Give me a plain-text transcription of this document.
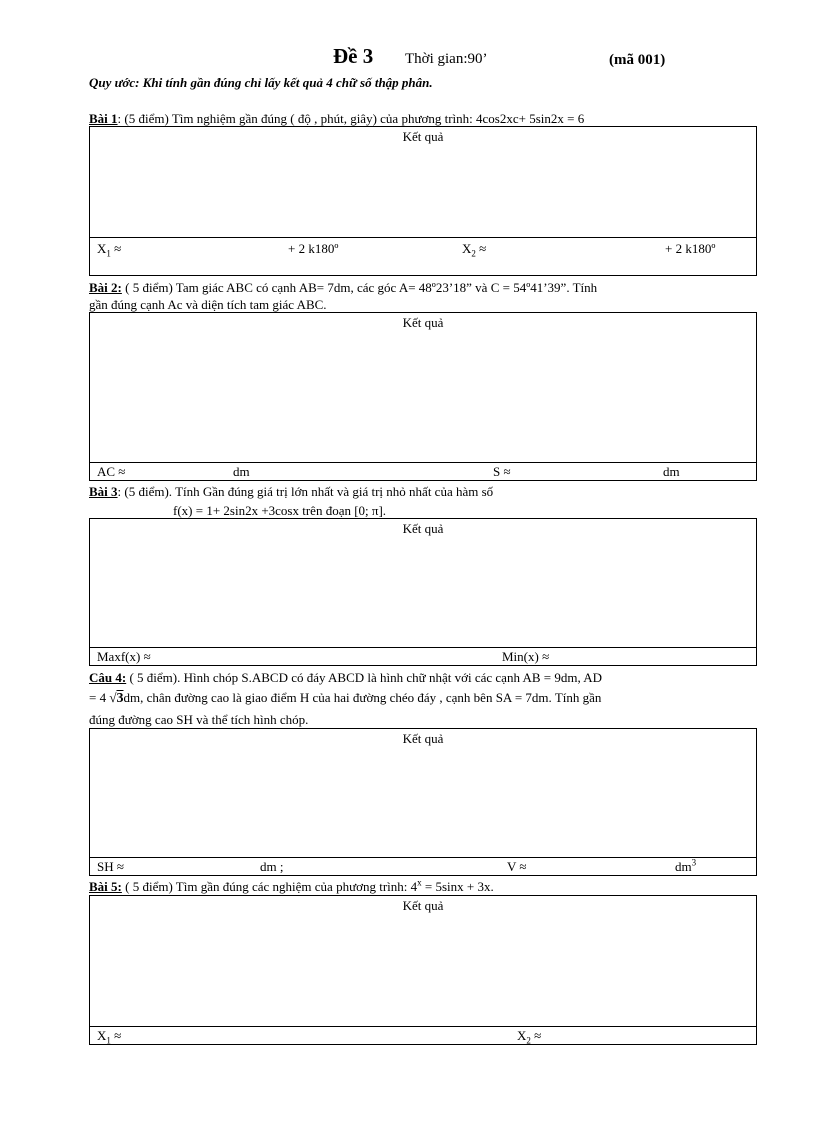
Đề 3 Thời gian:90’	(mã 001)
Quy ước: Khi tính gần đúng chỉ lấy kết quả 4 chữ số thập phân.
Bài 1: (5 điểm) Tìm nghiệm gần đúng ( độ , phút, giây) của phương trình: 4cos2xc+ 5sin2x = 6
Kết quả
$X_1$ ≈	+ 2 k180º	$X_2$ ≈	+ 2 k180º
Bài 2: ( 5 điểm) Tam giác ABC có cạnh AB= 7dm, các góc A= 48º23’18” và C = 54º41’39”. Tính
gần đúng cạnh Ac và diện tích tam giác ABC.
Kết quả
AC ≈	dm	S ≈	dm
Bài 3: (5 điểm). Tính Gần đúng giá trị lớn nhất và giá trị nhỏ nhất của hàm số
f(x) = 1+ 2sin2x +3cosx trên đoạn [0; π].
Kết quả
Maxf(x) ≈	Min(x) ≈
Câu 4: ( 5 điểm). Hình chóp S.ABCD có đáy ABCD là hình chữ nhật với các cạnh AB = 9dm, AD
= 4 √3dm, chân đường cao là giao điểm H của hai đường chéo đáy , cạnh bên SA = 7dm. Tính gần
đúng đường cao SH và thể tích hình chóp.
Kết quả
SH ≈	dm ;	V ≈	$dm^3$
Bài 5: ( 5 điểm) Tìm gần đúng các nghiệm của phương trình: $4^x = 5\sin x + 3x$.
Kết quả
$X_1$ ≈	$X_2$ ≈
